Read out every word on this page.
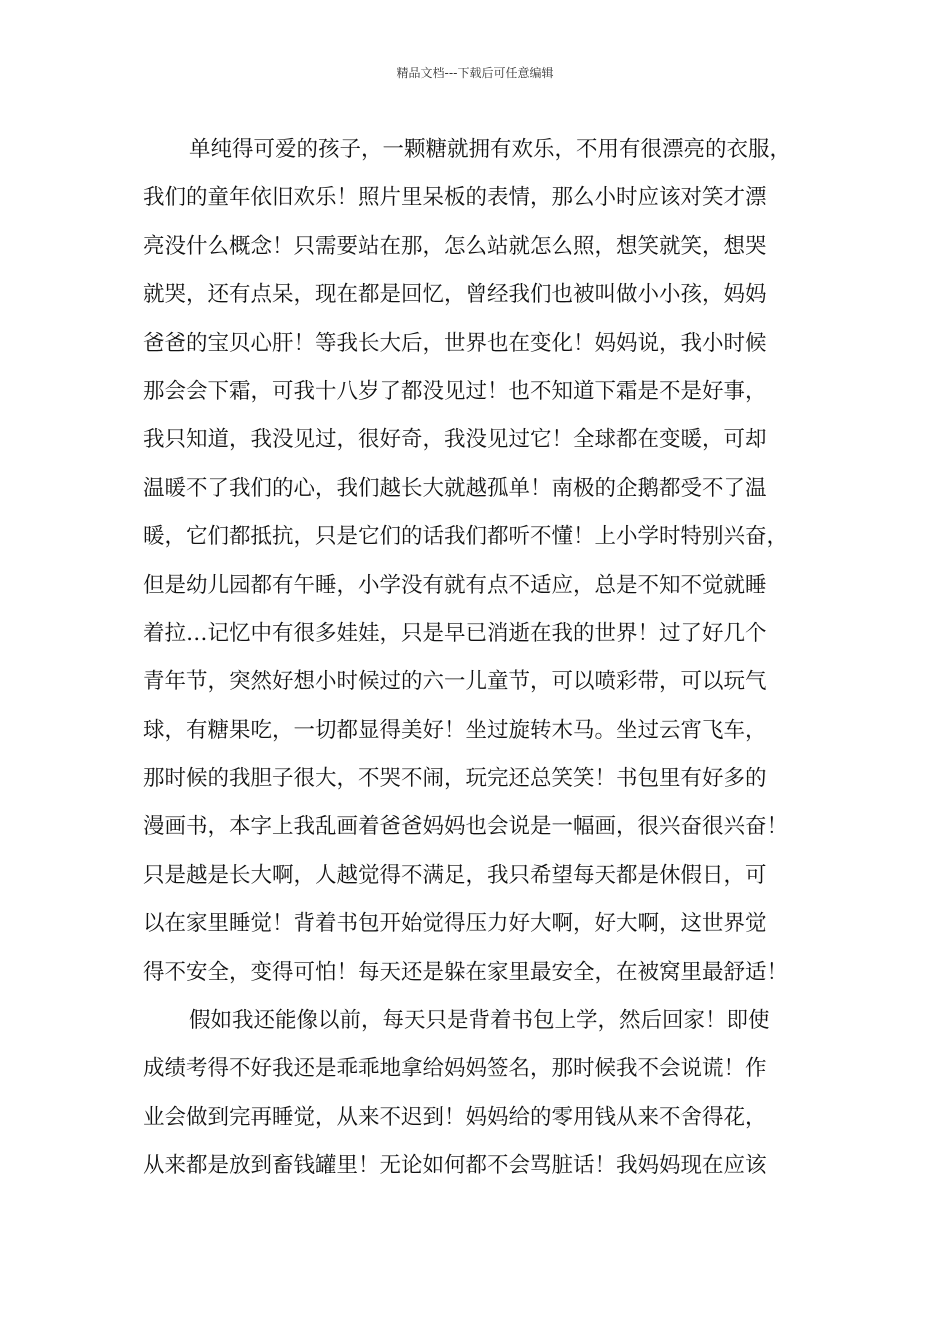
精品文档---下载后可任意编辑
单纯得可爱的孩子，一颗糖就拥有欢乐，不用有很漂亮的衣服，
我们的童年依旧欢乐！照片里呆板的表情，那么小时应该对笑才漂
亮没什么概念！只需要站在那，怎么站就怎么照，想笑就笑，想哭
就哭，还有点呆，现在都是回忆，曾经我们也被叫做小小孩，妈妈
爸爸的宝贝心肝！等我长大后，世界也在变化！妈妈说，我小时候
那会会下霜，可我十八岁了都没见过！也不知道下霜是不是好事，
我只知道，我没见过，很好奇，我没见过它！全球都在变暖，可却
温暖不了我们的心，我们越长大就越孤单！南极的企鹅都受不了温
暖，它们都抵抗，只是它们的话我们都听不懂！上小学时特别兴奋，
但是幼儿园都有午睡，小学没有就有点不适应，总是不知不觉就睡
着拉…记忆中有很多娃娃，只是早已消逝在我的世界！过了好几个
青年节，突然好想小时候过的六一儿童节，可以喷彩带，可以玩气
球，有糖果吃，一切都显得美好！坐过旋转木马。坐过云宵飞车，
那时候的我胆子很大，不哭不闹，玩完还总笑笑！书包里有好多的
漫画书，本字上我乱画着爸爸妈妈也会说是一幅画，很兴奋很兴奋！
只是越是长大啊，人越觉得不满足，我只希望每天都是休假日，可
以在家里睡觉！背着书包开始觉得压力好大啊，好大啊，这世界觉
得不安全，变得可怕！每天还是躲在家里最安全，在被窝里最舒适！
假如我还能像以前，每天只是背着书包上学，然后回家！即使
成绩考得不好我还是乖乖地拿给妈妈签名，那时候我不会说谎！作
业会做到完再睡觉，从来不迟到！妈妈给的零用钱从来不舍得花，
从来都是放到畜钱罐里！无论如何都不会骂脏话！我妈妈现在应该
